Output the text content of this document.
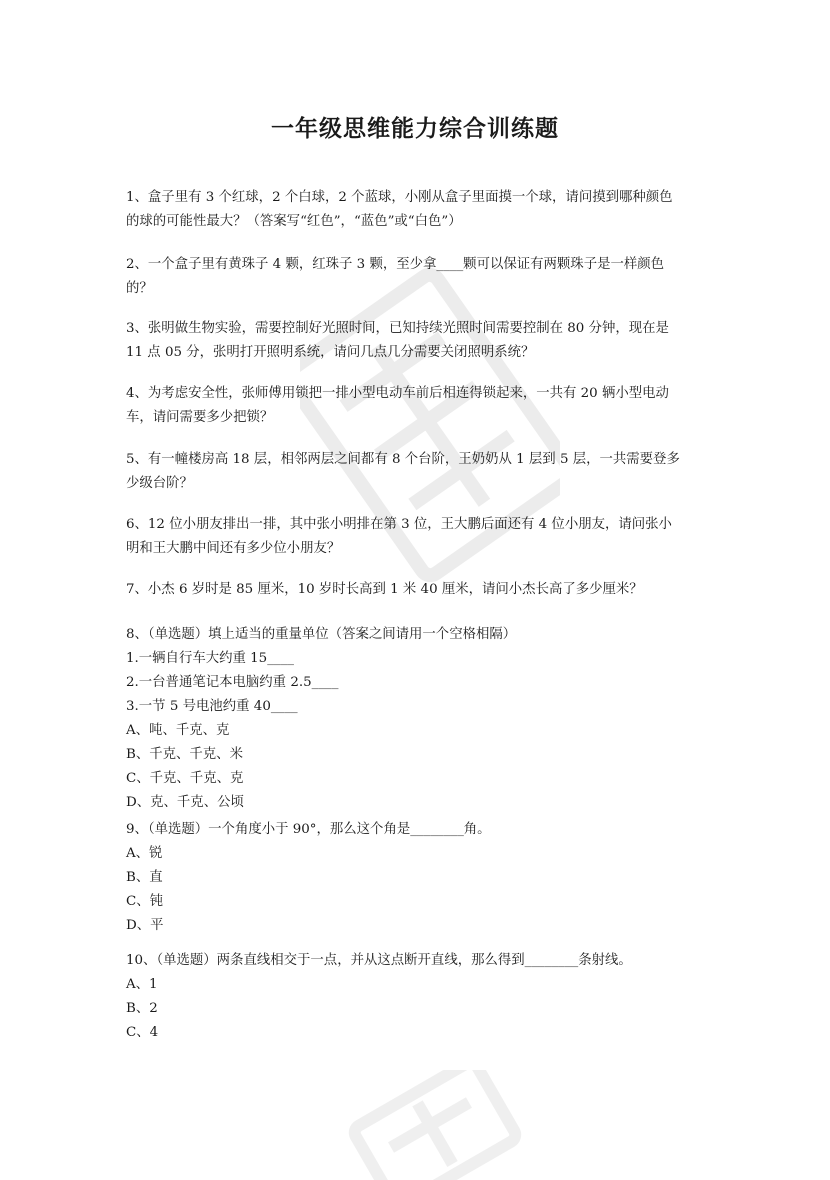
一年级思维能力综合训练题
1、盒子里有 3 个红球，2 个白球，2 个蓝球，小刚从盒子里面摸一个球，请问摸到哪种颜色
的球的可能性最大？（答案写“红色”，“蓝色”或“白色”）
2、一个盒子里有黄珠子 4 颗，红珠子 3 颗，至少拿____颗可以保证有两颗珠子是一样颜色
的？
3、张明做生物实验，需要控制好光照时间，已知持续光照时间需要控制在 80 分钟，现在是
11 点 05 分，张明打开照明系统，请问几点几分需要关闭照明系统？
4、为考虑安全性，张师傅用锁把一排小型电动车前后相连得锁起来，一共有 20 辆小型电动
车，请问需要多少把锁？
5、有一幢楼房高 18 层，相邻两层之间都有 8 个台阶，王奶奶从 1 层到 5 层，一共需要登多
少级台阶？
6、12 位小朋友排出一排，其中张小明排在第 3 位，王大鹏后面还有 4 位小朋友，请问张小
明和王大鹏中间还有多少位小朋友？
7、小杰 6 岁时是 85 厘米，10 岁时长高到 1 米 40 厘米，请问小杰长高了多少厘米？
8、（单选题）填上适当的重量单位（答案之间请用一个空格相隔）
1.一辆自行车大约重 15____
2.一台普通笔记本电脑约重 2.5____
3.一节 5 号电池约重 40____
A、吨、千克、克
B、千克、千克、米
C、千克、千克、克
D、克、千克、公顷
9、（单选题）一个角度小于 90°，那么这个角是________角。
A、锐
B、直
C、钝
D、平
10、（单选题）两条直线相交于一点，并从这点断开直线，那么得到________条射线。
A、1
B、2
C、4
